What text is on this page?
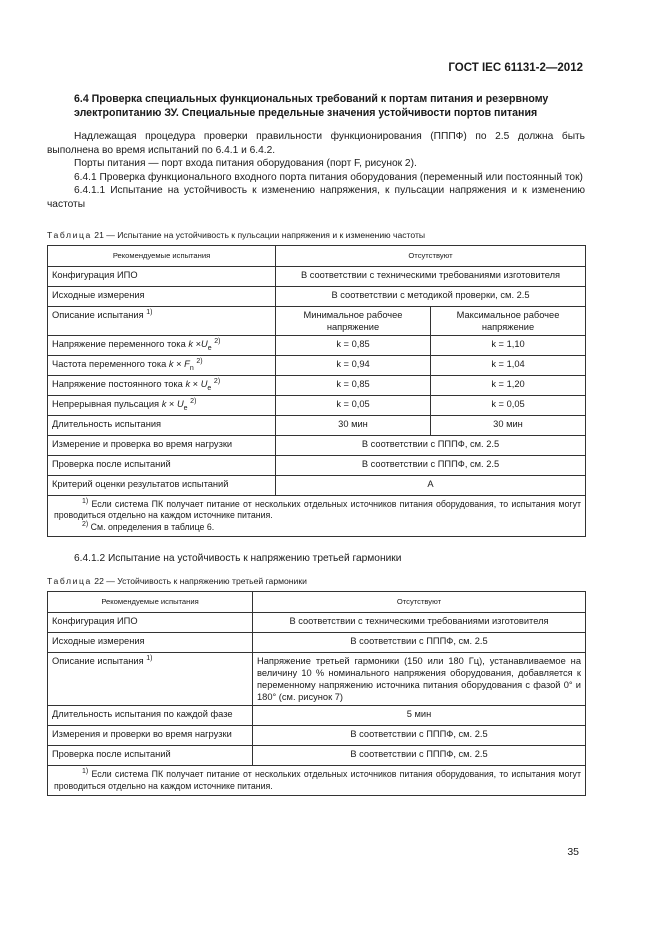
ГОСТ IEC 61131-2—2012

6.4 Проверка специальных функциональных требований к портам питания и резервному электропитанию ЗУ. Специальные предельные значения устойчивости портов питания

Надлежащая процедура проверки правильности функционирования (ПППФ) по 2.5 должна быть выполнена во время испытаний по 6.4.1 и 6.4.2.

Порты питания — порт входа питания оборудования (порт F, рисунок 2).

6.4.1 Проверка функционального входного порта питания оборудования (переменный или постоянный ток)

6.4.1.1 Испытание на устойчивость к изменению напряжения, к пульсации напряжения и к изменению частоты

Таблица 21 — Испытание на устойчивость к пульсации напряжения и к изменению частоты
Рекомендуемые испытания	Отсутствуют	
Конфигурация ИПО	В соответствии с техническими требованиями изготовителя	
Исходные измерения	В соответствии с методикой проверки, см. 2.5	
Описание испытания $^{1)}$	Минимальное рабочее напряжение	Максимальное рабочее напряжение
Напряжение переменного тока $k \times U_e$ $^{2)}$	k = 0,85	k = 1,10
Частота переменного тока $k \times F_n$ $^{2)}$	k = 0,94	k = 1,04
Напряжение постоянного тока $k \times U_e$ $^{2)}$	k = 0,85	k = 1,20
Непрерывная пульсация $k \times U_e$ $^{2)}$	k = 0,05	k = 0,05
Длительность испытания	30 мин	30 мин
Измерение и проверка во время нагрузки	В соответствии с ПППФ, см. 2.5	
Проверка после испытаний	В соответствии с ПППФ, см. 2.5	
Критерий оценки результатов испытаний	А	

$^{1)}$ Если система ПК получает питание от нескольких отдельных источников питания оборудования, то испытания могут проводиться отдельно на каждом источнике питания.
$^{2)}$ См. определения в таблице 6.		

6.4.1.2 Испытание на устойчивость к напряжению третьей гармоники

Таблица 22 — Устойчивость к напряжению третьей гармоники
Рекомендуемые испытания	Отсутствуют
Конфигурация ИПО	В соответствии с техническими требованиями изготовителя
Исходные измерения	В соответствии с ПППФ, см. 2.5
Описание испытания $^{1)}$	Напряжение третьей гармоники (150 или 180 Гц), устанавливаемое на величину 10 % номинального напряжения оборудования, добавляется к переменному напряжению источника питания оборудования с фазой 0° и 180° (см. рисунок 7)
Длительность испытания по каждой фазе	5 мин
Измерения и проверки во время нагрузки	В соответствии с ПППФ, см. 2.5
Проверка после испытаний	В соответствии с ПППФ, см. 2.5

$^{1)}$ Если система ПК получает питание от нескольких отдельных источников питания оборудования, то испытания могут проводиться отдельно на каждом источнике питания.	
35
